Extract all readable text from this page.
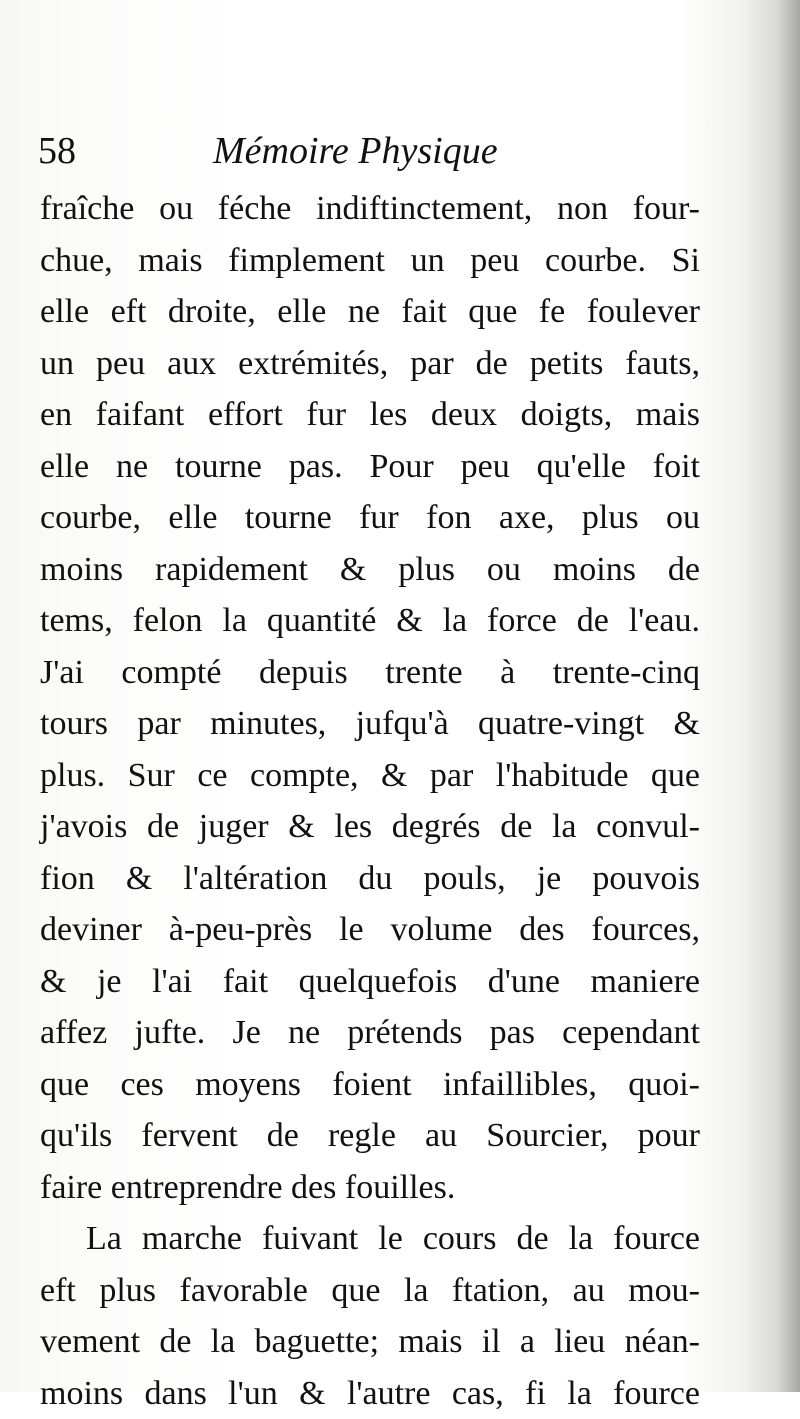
58	Mémoire Physique
fraîche ou féche indiftinctement, non four-
chue, mais fimplement un peu courbe. Si
elle eft droite, elle ne fait que fe foulever
un peu aux extrémités, par de petits fauts,
en faifant effort fur les deux doigts, mais
elle ne tourne pas. Pour peu qu'elle foit
courbe, elle tourne fur fon axe, plus ou
moins rapidement & plus ou moins de
tems, felon la quantité & la force de l'eau.
J'ai compté depuis trente à trente-cinq
tours par minutes, jufqu'à quatre-vingt &
plus. Sur ce compte, & par l'habitude que
j'avois de juger & les degrés de la convul-
fion & l'altération du pouls, je pouvois
deviner à-peu-près le volume des fources,
& je l'ai fait quelquefois d'une maniere
affez jufte. Je ne prétends pas cependant
que ces moyens foient infaillibles, quoi-
qu'ils fervent de regle au Sourcier, pour
faire entreprendre des fouilles.
La marche fuivant le cours de la fource
eft plus favorable que la ftation, au mou-
vement de la baguette; mais il a lieu néan-
moins dans l'un & l'autre cas, fi la fource
